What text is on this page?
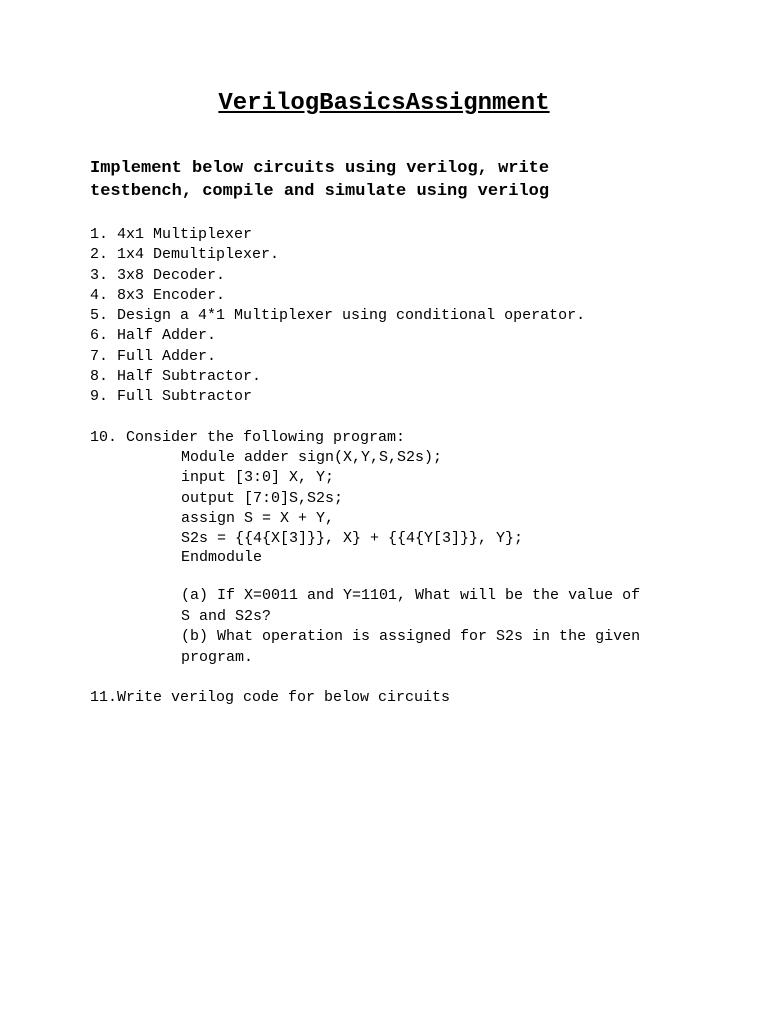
VerilogBasicsAssignment

Implement below circuits using verilog, write testbench, compile and simulate using verilog

1. 4x1 Multiplexer
2. 1x4 Demultiplexer.
3. 3x8 Decoder.
4. 8x3 Encoder.
5. Design a 4*1 Multiplexer using conditional operator.
6. Half Adder.
7. Full Adder.
8. Half Subtractor.
9. Full Subtractor

10. Consider the following program:

Module adder sign(X,Y,S,S2s);
input [3:0] X, Y;
output [7:0]S,S2s;
assign S = X + Y,
S2s = {{4{X[3]}}, X} + {{4{Y[3]}}, Y};
Endmodule

(a) If X=0011 and Y=1101, What will be the value of S and S2s?

(b) What operation is assigned for S2s in the given program.

11.Write verilog code for below circuits
